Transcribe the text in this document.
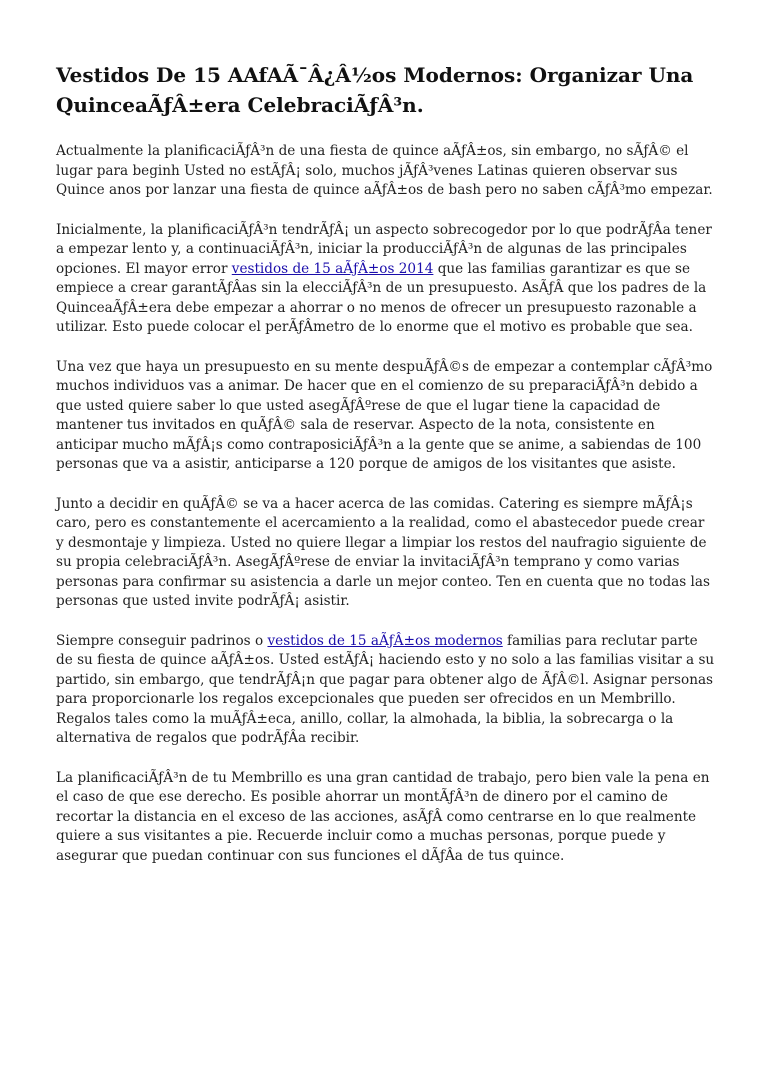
Vestidos De 15 AAfAÃ¯Â¿Â½os Modernos: Organizar Una QuinceaÃƒÂ±era CelebraciÃƒÂ³n.

Actualmente la planificaciÃƒÂ³n de una fiesta de quince aÃƒÂ±os, sin embargo, no sÃƒÂ© el lugar para beginh Usted no estÃƒÂ¡ solo, muchos jÃƒÂ³venes Latinas quieren observar sus Quince anos por lanzar una fiesta de quince aÃƒÂ±os de bash pero no saben cÃƒÂ³mo empezar.

Inicialmente, la planificaciÃƒÂ³n tendrÃƒÂ¡ un aspecto sobrecogedor por lo que podrÃƒÂa tener a empezar lento y, a continuaciÃƒÂ³n, iniciar la producciÃƒÂ³n de algunas de las principales opciones. El mayor error vestidos de 15 aÃƒÂ±os 2014 que las familias garantizar es que se empiece a crear garantÃƒÂas sin la elecciÃƒÂ³n de un presupuesto. AsÃƒÂ que los padres de la QuinceaÃƒÂ±era debe empezar a ahorrar o no menos de ofrecer un presupuesto razonable a utilizar. Esto puede colocar el perÃƒÂmetro de lo enorme que el motivo es probable que sea.

Una vez que haya un presupuesto en su mente despuÃƒÂ©s de empezar a contemplar cÃƒÂ³mo muchos individuos vas a animar. De hacer que en el comienzo de su preparaciÃƒÂ³n debido a que usted quiere saber lo que usted asegÃƒÂºrese de que el lugar tiene la capacidad de mantener tus invitados en quÃƒÂ© sala de reservar. Aspecto de la nota, consistente en anticipar mucho mÃƒÂ¡s como contraposiciÃƒÂ³n a la gente que se anime, a sabiendas de 100 personas que va a asistir, anticiparse a 120 porque de amigos de los visitantes que asiste.

Junto a decidir en quÃƒÂ© se va a hacer acerca de las comidas. Catering es siempre mÃƒÂ¡s caro, pero es constantemente el acercamiento a la realidad, como el abastecedor puede crear y desmontaje y limpieza. Usted no quiere llegar a limpiar los restos del naufragio siguiente de su propia celebraciÃƒÂ³n. AsegÃƒÂºrese de enviar la invitaciÃƒÂ³n temprano y como varias personas para confirmar su asistencia a darle un mejor conteo. Ten en cuenta que no todas las personas que usted invite podrÃƒÂ¡ asistir.

Siempre conseguir padrinos o vestidos de 15 aÃƒÂ±os modernos familias para reclutar parte de su fiesta de quince aÃƒÂ±os. Usted estÃƒÂ¡ haciendo esto y no solo a las familias visitar a su partido, sin embargo, que tendrÃƒÂ¡n que pagar para obtener algo de ÃƒÂ©l. Asignar personas para proporcionarle los regalos excepcionales que pueden ser ofrecidos en un Membrillo. Regalos tales como la muÃƒÂ±eca, anillo, collar, la almohada, la biblia, la sobrecarga o la alternativa de regalos que podrÃƒÂa recibir.

La planificaciÃƒÂ³n de tu Membrillo es una gran cantidad de trabajo, pero bien vale la pena en el caso de que ese derecho. Es posible ahorrar un montÃƒÂ³n de dinero por el camino de recortar la distancia en el exceso de las acciones, asÃƒÂ como centrarse en lo que realmente quiere a sus visitantes a pie. Recuerde incluir como a muchas personas, porque puede y asegurar que puedan continuar con sus funciones el dÃƒÂa de tus quince.
